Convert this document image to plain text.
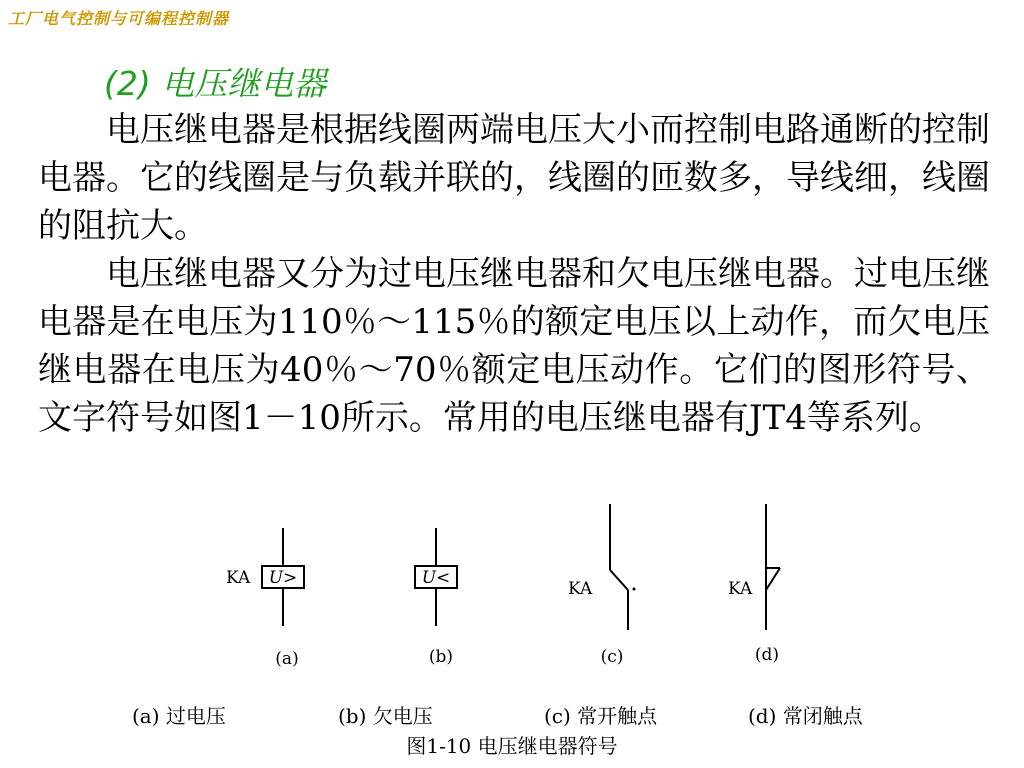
工厂电气控制与可编程控制器
(2) 电压继电器

电压继电器是根据线圈两端电压大小而控制电路通断的控制电器。它的线圈是与负载并联的，线圈的匝数多，导线细，线圈的阻抗大。

电压继电器又分为过电压继电器和欠电压继电器。过电压继电器是在电压为110％～115％的额定电压以上动作，而欠电压继电器在电压为40％～70％额定电压动作。它们的图形符号、文字符号如图1－10所示。常用的电压继电器有JT4等系列。

KA U>
(a)
U<
(b)
KA
(c)
KA
(d)
(a) 过电压	(b) 欠电压	(c) 常开触点	(d) 常闭触点
图1-10 电压继电器符号
